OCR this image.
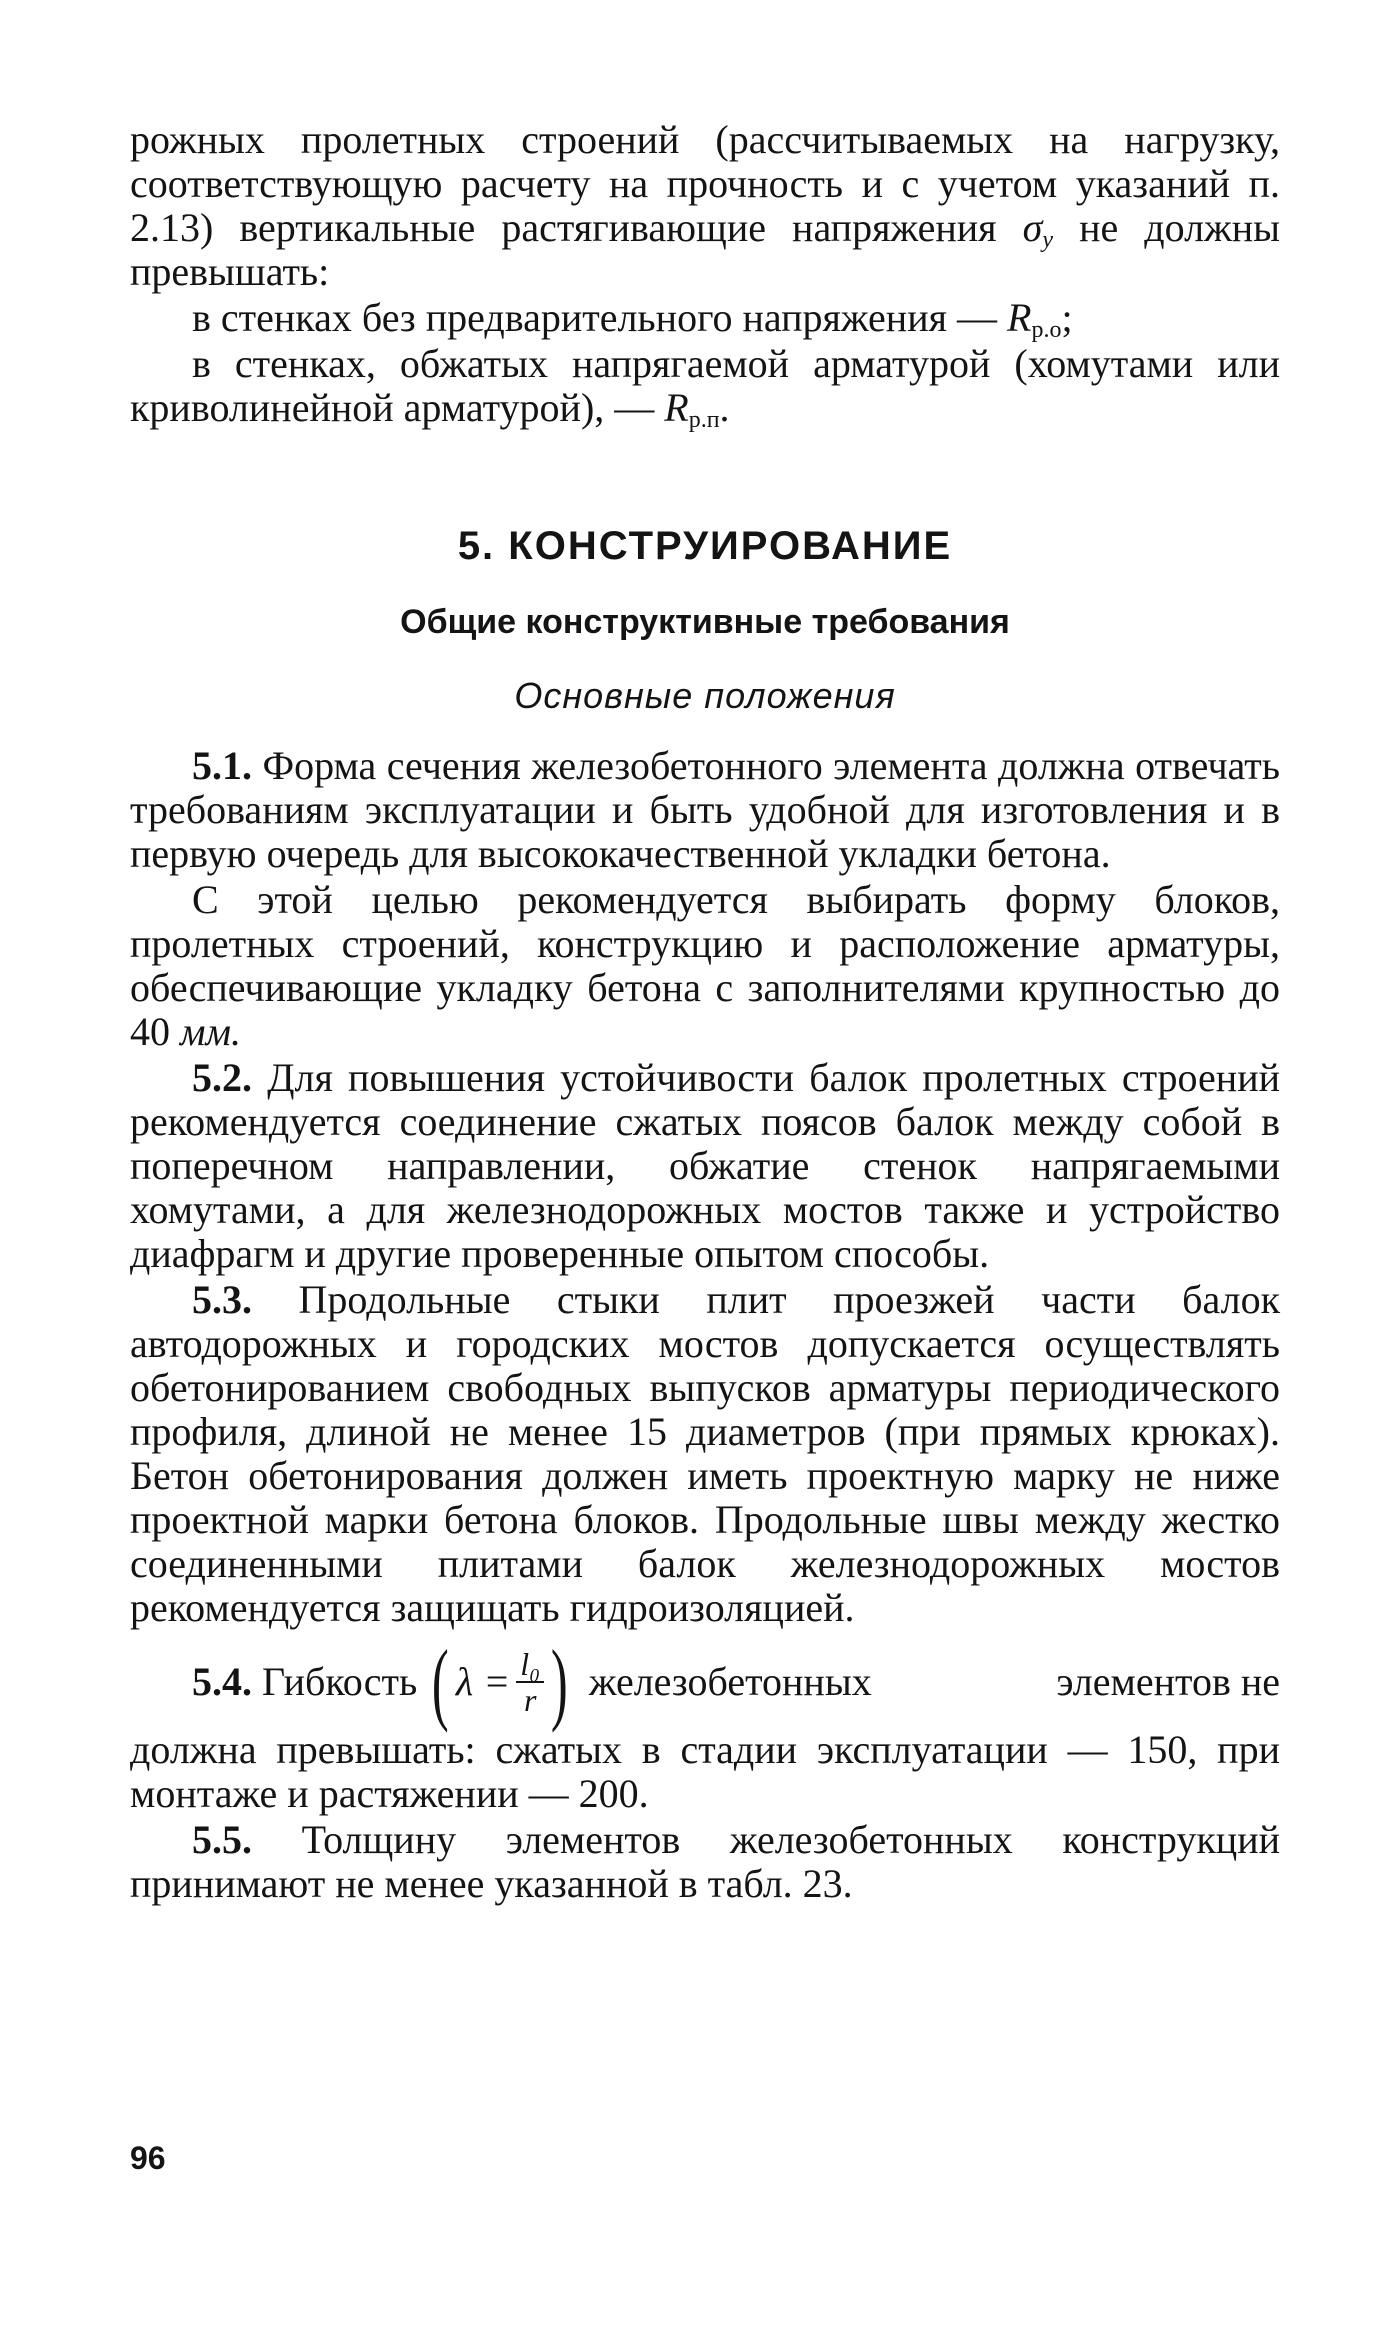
рожных пролетных строений (рассчитываемых на нагрузку, соответствующую расчету на прочность и с учетом указаний п. 2.13) вертикальные растягивающие напряжения $\sigma_y$ не должны превышать:

в стенках без предварительного напряжения — $R_{р.о}$;

в стенках, обжатых напрягаемой арматурой (хомутами или криволинейной арматурой), — $R_{р.п}$.

5. КОНСТРУИРОВАНИЕ
Общие конструктивные требования
Основные положения

5.1. Форма сечения железобетонного элемента должна отвечать требованиям эксплуатации и быть удобной для изготовления и в первую очередь для высококачественной укладки бетона.

С этой целью рекомендуется выбирать форму блоков, пролетных строений, конструкцию и расположение арматуры, обеспечивающие укладку бетона с заполнителями крупностью до 40 мм.

5.2. Для повышения устойчивости балок пролетных строений рекомендуется соединение сжатых поясов балок между собой в поперечном направлении, обжатие стенок напрягаемыми хомутами, а для железнодорожных мостов также и устройство диафрагм и другие проверенные опытом способы.

5.3. Продольные стыки плит проезжей части балок автодорожных и городских мостов допускается осуществлять обетонированием свободных выпусков арматуры периодического профиля, длиной не менее 15 диаметров (при прямых крюках). Бетон обетонирования должен иметь проектную марку не ниже проектной марки бетона блоков. Продольные швы между жестко соединенными плитами балок железнодорожных мостов рекомендуется защищать гидроизоляцией.

5.4.
Гибкость ( $\lambda = \frac{\text{l₀}}{r}$ ) железобетонных	элементов не

должна превышать: сжатых в стадии эксплуатации — 150, при монтаже и растяжении — 200.

5.5. Толщину элементов железобетонных конструкций принимают не менее указанной в табл. 23.

96
